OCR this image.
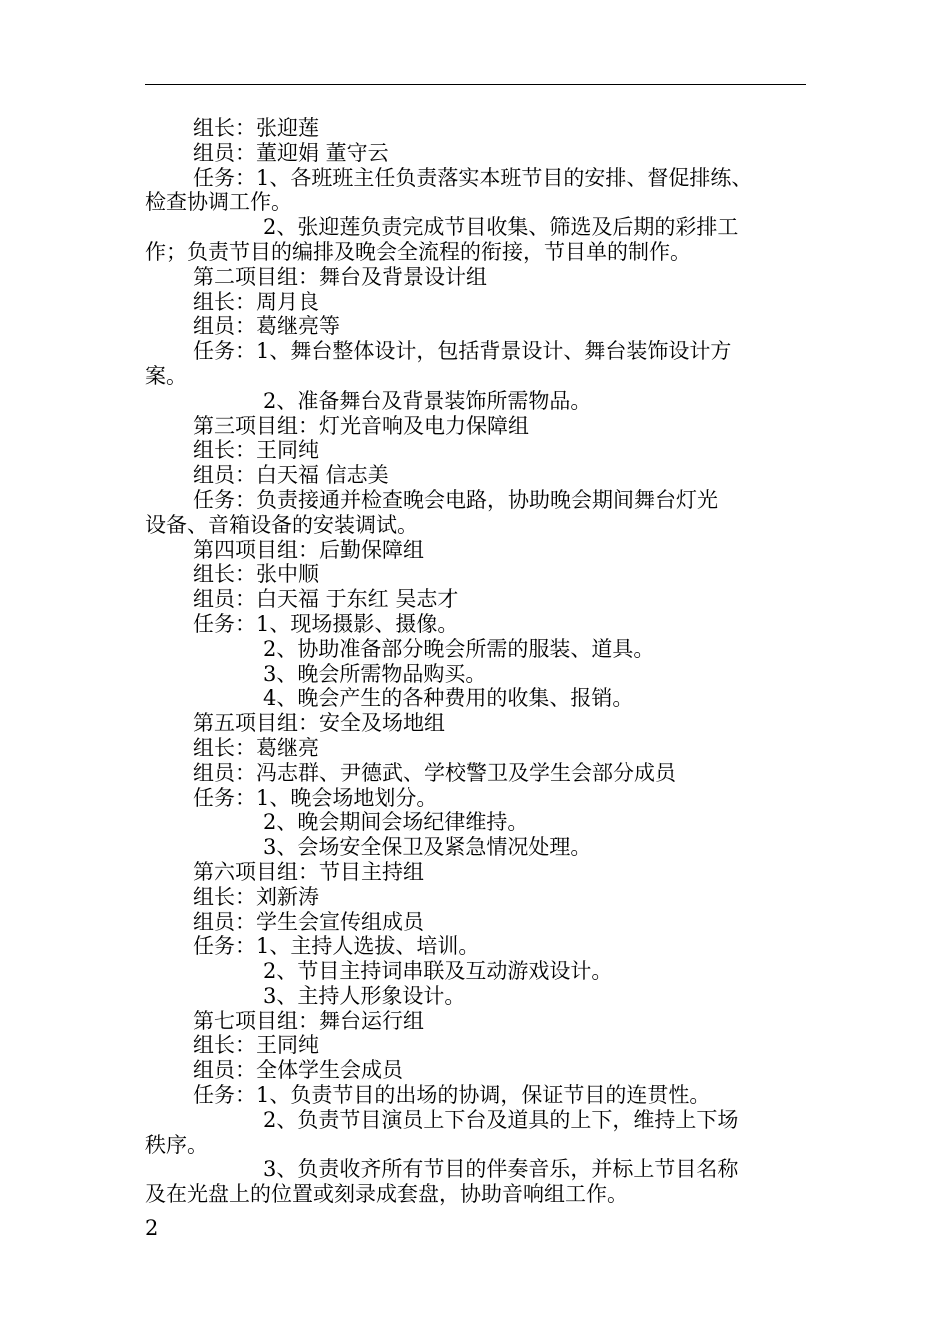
组长：张迎莲
组员：董迎娟 董守云
任务：1、各班班主任负责落实本班节目的安排、督促排练、
检查协调工作。
2、张迎莲负责完成节目收集、筛选及后期的彩排工
作；负责节目的编排及晚会全流程的衔接，节目单的制作。
第二项目组：舞台及背景设计组
组长：周月良
组员：葛继亮等
任务：1、舞台整体设计，包括背景设计、舞台装饰设计方
案。
2、准备舞台及背景装饰所需物品。
第三项目组：灯光音响及电力保障组
组长：王同纯
组员：白天福 信志美
任务：负责接通并检查晚会电路，协助晚会期间舞台灯光
设备、音箱设备的安装调试。
第四项目组：后勤保障组
组长：张中顺
组员：白天福 于东红 吴志才
任务：1、现场摄影、摄像。
2、协助准备部分晚会所需的服装、道具。
3、晚会所需物品购买。
4、晚会产生的各种费用的收集、报销。
第五项目组：安全及场地组
组长：葛继亮
组员：冯志群、尹德武、学校警卫及学生会部分成员
任务：1、晚会场地划分。
2、晚会期间会场纪律维持。
3、会场安全保卫及紧急情况处理。
第六项目组：节目主持组
组长：刘新涛
组员：学生会宣传组成员
任务：1、主持人选拔、培训。
2、节目主持词串联及互动游戏设计。
3、主持人形象设计。
第七项目组：舞台运行组
组长：王同纯
组员：全体学生会成员
任务：1、负责节目的出场的协调，保证节目的连贯性。
2、负责节目演员上下台及道具的上下，维持上下场
秩序。
3、负责收齐所有节目的伴奏音乐，并标上节目名称
及在光盘上的位置或刻录成套盘，协助音响组工作。
2
